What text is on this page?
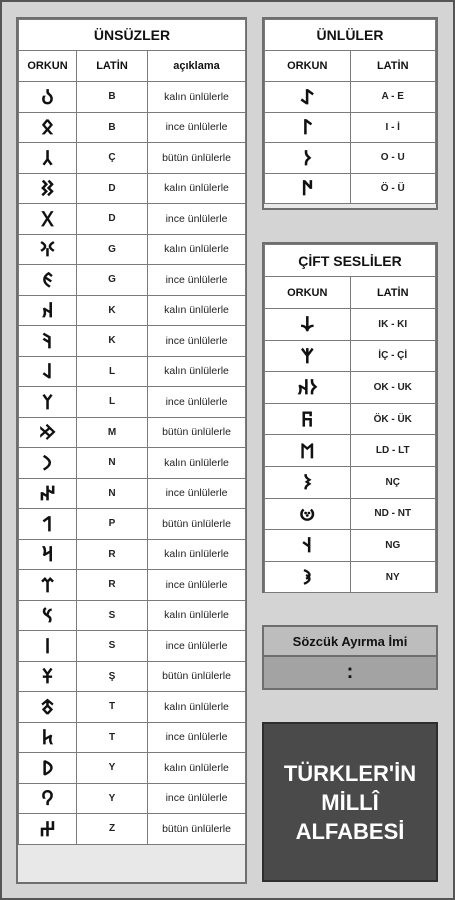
ÜNSÜZLER		
ORKUN	LATİN	açıklama
𐰉	B	kalın ünlülerle
𐰋	B	ince ünlülerle
𐰲	Ç	bütün ünlülerle
𐰑	D	kalın ünlülerle
𐰓	D	ince ünlülerle
𐰍	G	kalın ünlülerle
𐰏	G	ince ünlülerle
𐰴	K	kalın ünlülerle
𐰚	K	ince ünlülerle
𐰞	L	kalın ünlülerle
𐰠	L	ince ünlülerle
𐰢	M	bütün ünlülerle
𐰣	N	kalın ünlülerle
𐰤	N	ince ünlülerle
𐰯	P	bütün ünlülerle
𐰺	R	kalın ünlülerle
𐰼	R	ince ünlülerle
𐰽	S	kalın ünlülerle
𐰾	S	ince ünlülerle
𐱁	Ş	bütün ünlülerle
𐱃	T	kalın ünlülerle
𐱅	T	ince ünlülerle
𐰖	Y	kalın ünlülerle
𐰘	Y	ince ünlülerle
𐰔	Z	bütün ünlülerle
ÜNLÜLER	
ORKUN	LATİN
𐰀	A - E
𐰃	I - İ
𐰆	O - U
𐰇	Ö - Ü
ÇİFT SESLİLER	
ORKUN	LATİN
𐰸	IK - KI
𐰱	İÇ - Çİ
𐰆𐰴	OK - UK
𐰜	ÖK - ÜK
𐰡	LD - LT
𐰨	NÇ
𐰦	ND - NT
𐰭	NG
𐰪	NY
Sözcük Ayırma İmi
:
TÜRKLER'İN
MİLLÎ
ALFABESİ
